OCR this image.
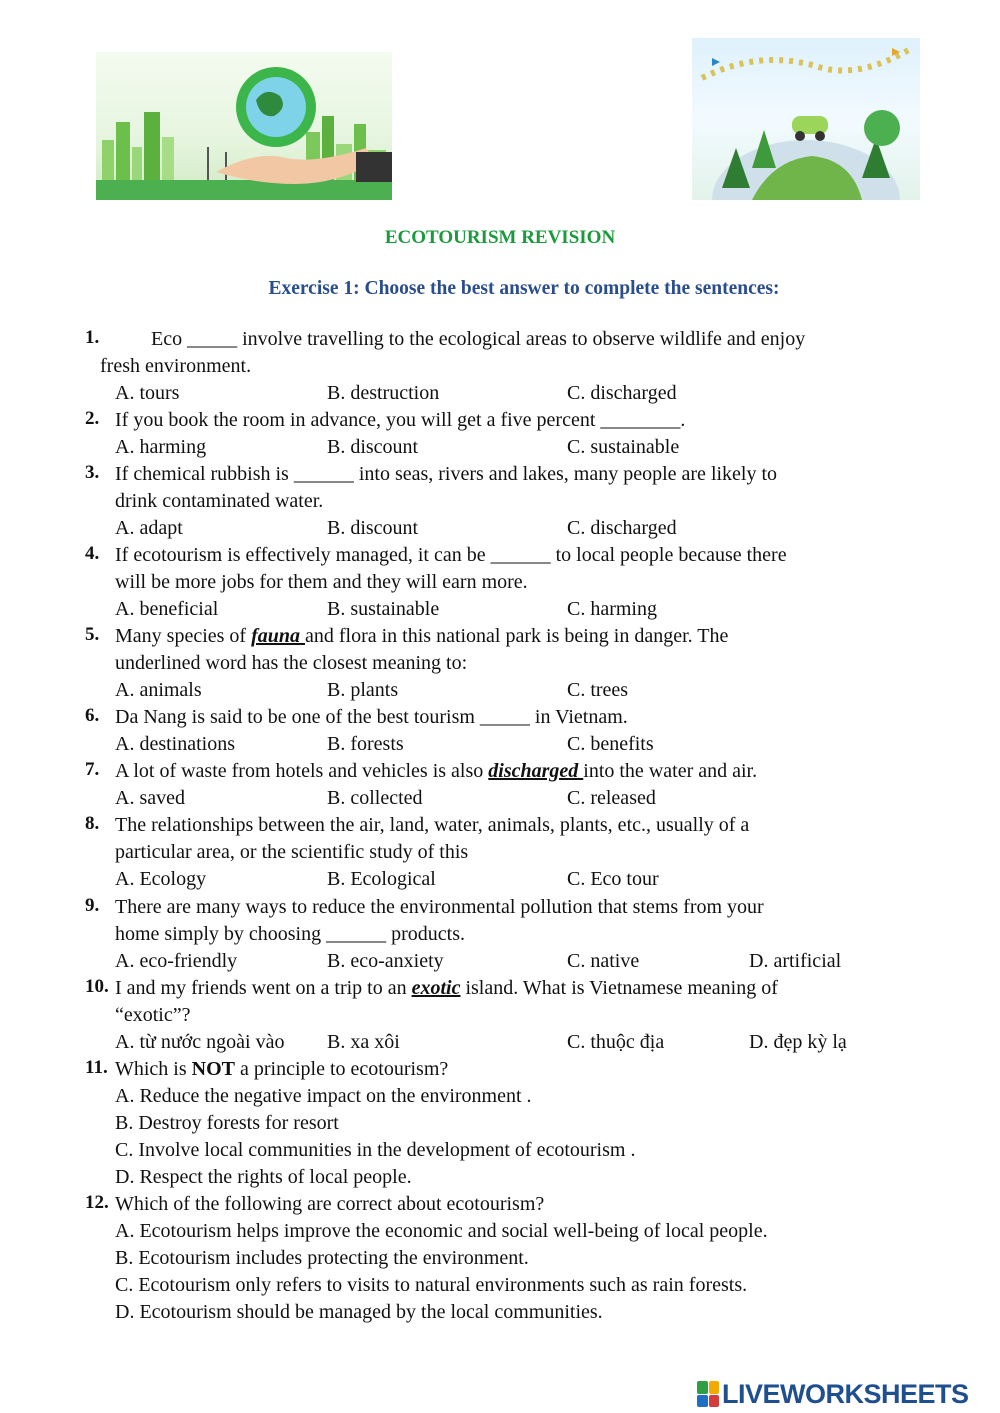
ECOTOURISM REVISION
Exercise 1: Choose the best answer to complete the sentences:
1.	Eco _____ involve travelling to the ecological areas to observe wildlife and enjoy
fresh environment.
A. tours	B. destruction	C. discharged
2. If you book the room in advance, you will get a five percent ________.
A. harming	B. discount	C. sustainable
3. If chemical rubbish is ______ into seas, rivers and lakes, many people are likely to
drink contaminated water.
A. adapt	B. discount	C. discharged
4. If ecotourism is effectively managed, it can be ______ to local people because there
will be more jobs for them and they will earn more.
A. beneficial	B. sustainable	C. harming
5. Many species of fauna and flora in this national park is being in danger. The
underlined word has the closest meaning to:
A. animals	B. plants	C. trees
6. Da Nang is said to be one of the best tourism _____ in Vietnam.
A. destinations	B. forests	C. benefits
7. A lot of waste from hotels and vehicles is also discharged into the water and air.
A. saved	B. collected	C. released
8. The relationships between the air, land, water, animals, plants, etc., usually of a
particular area, or the scientific study of this
A. Ecology	B. Ecological	C. Eco tour
9. There are many ways to reduce the environmental pollution that stems from your
home simply by choosing ______ products.
A. eco-friendly	B. eco-anxiety	C. native	D. artificial
10. I and my friends went on a trip to an exotic island. What is Vietnamese meaning of
“exotic”?
A. từ nước ngoài vào B. xa xôi	C. thuộc địa	D. đẹp kỳ lạ
11. Which is NOT a principle to ecotourism?
A. Reduce the negative impact on the environment .
B. Destroy forests for resort
C. Involve local communities in the development of ecotourism .
D. Respect the rights of local people.
12. Which of the following are correct about ecotourism?
A. Ecotourism helps improve the economic and social well-being of local people.
B. Ecotourism includes protecting the environment.
C. Ecotourism only refers to visits to natural environments such as rain forests.
D. Ecotourism should be managed by the local communities.
LIVEWORKSHEETS
